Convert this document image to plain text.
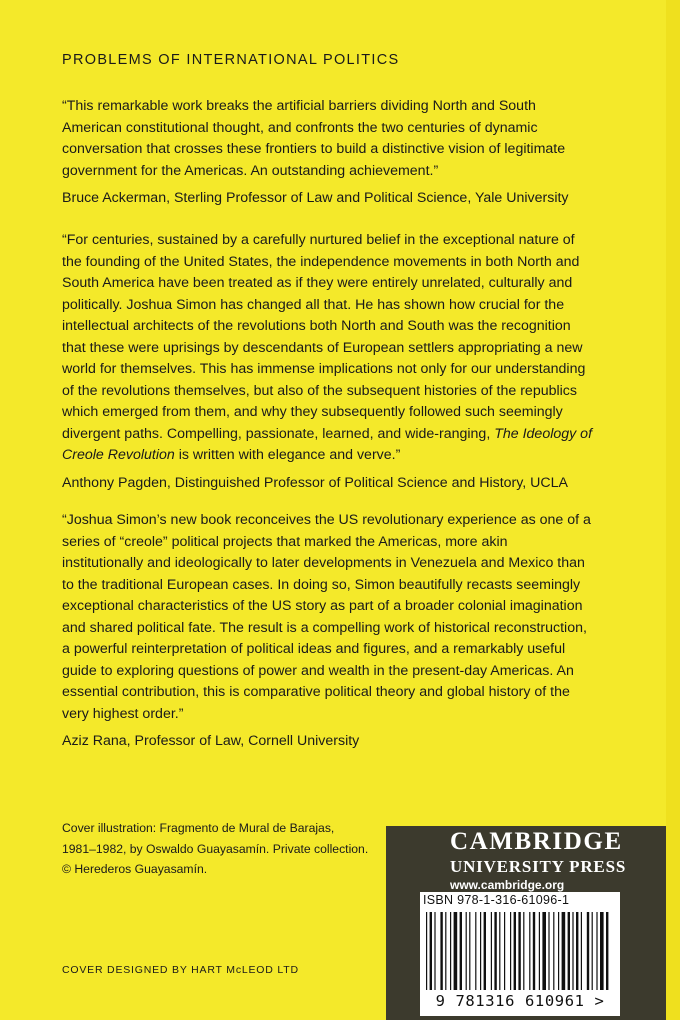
PROBLEMS OF INTERNATIONAL POLITICS

“This remarkable work breaks the artificial barriers dividing North and South American constitutional thought, and confronts the two centuries of dynamic conversation that crosses these frontiers to build a distinctive vision of legitimate government for the Americas. An outstanding achievement.”

Bruce Ackerman, Sterling Professor of Law and Political Science, Yale University

“For centuries, sustained by a carefully nurtured belief in the exceptional nature of the founding of the United States, the independence movements in both North and South America have been treated as if they were entirely unrelated, culturally and politically. Joshua Simon has changed all that. He has shown how crucial for the intellectual architects of the revolutions both North and South was the recognition that these were uprisings by descendants of European settlers appropriating a new world for themselves. This has immense implications not only for our understanding of the revolutions themselves, but also of the subsequent histories of the republics which emerged from them, and why they subsequently followed such seemingly divergent paths. Compelling, passionate, learned, and wide-ranging, The Ideology of Creole Revolution is written with elegance and verve.”

Anthony Pagden, Distinguished Professor of Political Science and History, UCLA

“Joshua Simon’s new book reconceives the US revolutionary experience as one of a series of “creole” political projects that marked the Americas, more akin institutionally and ideologically to later developments in Venezuela and Mexico than to the traditional European cases. In doing so, Simon beautifully recasts seemingly exceptional characteristics of the US story as part of a broader colonial imagination and shared political fate. The result is a compelling work of historical reconstruction, a powerful reinterpretation of political ideas and figures, and a remarkably useful guide to exploring questions of power and wealth in the present-day Americas. An essential contribution, this is comparative political theory and global history of the very highest order.”

Aziz Rana, Professor of Law, Cornell University

Cover illustration: Fragmento de Mural de Barajas,
1981–1982, by Oswaldo Guayasamín. Private collection.
© Herederos Guayasamín.
COVER DESIGNED BY HART McLEOD LTD
CAMBRIDGE
UNIVERSITY PRESS
www.cambridge.org
ISBN 978-1-316-61096-1
9 781316 610961 >
